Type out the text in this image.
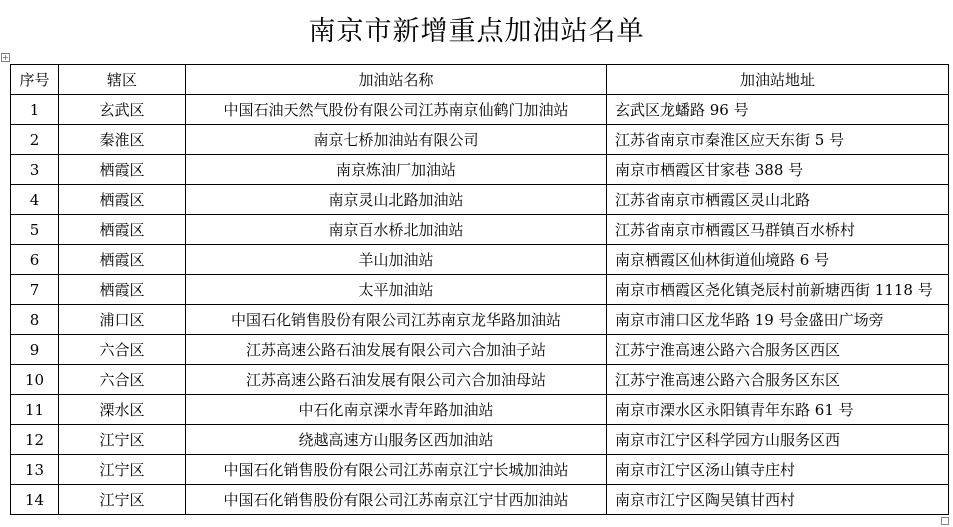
南京市新增重点加油站名单
+
序号	辖区	加油站名称	加油站地址
1	玄武区	中国石油天然气股份有限公司江苏南京仙鹤门加油站	玄武区龙蟠路 96 号
2	秦淮区	南京七桥加油站有限公司	江苏省南京市秦淮区应天东街 5 号
3	栖霞区	南京炼油厂加油站	南京市栖霞区甘家巷 388 号
4	栖霞区	南京灵山北路加油站	江苏省南京市栖霞区灵山北路
5	栖霞区	南京百水桥北加油站	江苏省南京市栖霞区马群镇百水桥村
6	栖霞区	羊山加油站	南京栖霞区仙林街道仙境路 6 号
7	栖霞区	太平加油站	南京市栖霞区尧化镇尧辰村前新塘西街 1118 号
8	浦口区	中国石化销售股份有限公司江苏南京龙华路加油站	南京市浦口区龙华路 19 号金盛田广场旁
9	六合区	江苏高速公路石油发展有限公司六合加油子站	江苏宁淮高速公路六合服务区西区
10	六合区	江苏高速公路石油发展有限公司六合加油母站	江苏宁淮高速公路六合服务区东区
11	溧水区	中石化南京溧水青年路加油站	南京市溧水区永阳镇青年东路 61 号
12	江宁区	绕越高速方山服务区西加油站	南京市江宁区科学园方山服务区西
13	江宁区	中国石化销售股份有限公司江苏南京江宁长城加油站	南京市江宁区汤山镇寺庄村
14	江宁区	中国石化销售股份有限公司江苏南京江宁甘西加油站	南京市江宁区陶吴镇甘西村
